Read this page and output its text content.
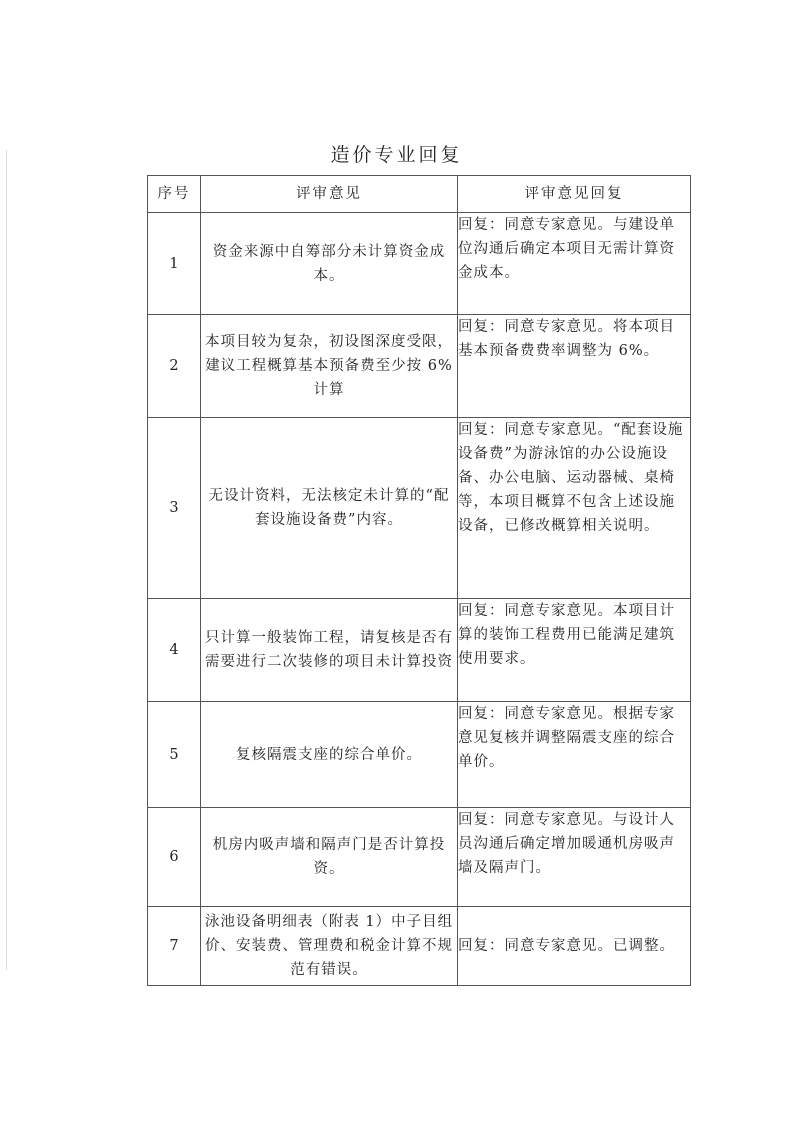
造价专业回复
序号	评审意见	评审意见回复
1	资金来源中自筹部分未计算资金成本。	回复：同意专家意见。与建设单位沟通后确定本项目无需计算资金成本。
2	本项目较为复杂，初设图深度受限，建议工程概算基本预备费至少按 6%计算	回复：同意专家意见。将本项目基本预备费费率调整为 6%。
3	无设计资料，无法核定未计算的“配套设施设备费”内容。	回复：同意专家意见。“配套设施设备费”为游泳馆的办公设施设备、办公电脑、运动器械、桌椅等，本项目概算不包含上述设施设备，已修改概算相关说明。
4	只计算一般装饰工程，请复核是否有需要进行二次装修的项目未计算投资	回复：同意专家意见。本项目计算的装饰工程费用已能满足建筑使用要求。
5	复核隔震支座的综合单价。	回复：同意专家意见。根据专家意见复核并调整隔震支座的综合单价。
6	机房内吸声墙和隔声门是否计算投资。	回复：同意专家意见。与设计人员沟通后确定增加暖通机房吸声墙及隔声门。
7	泳池设备明细表（附表 1）中子目组价、安装费、管理费和税金计算不规范有错误。	回复：同意专家意见。已调整。
